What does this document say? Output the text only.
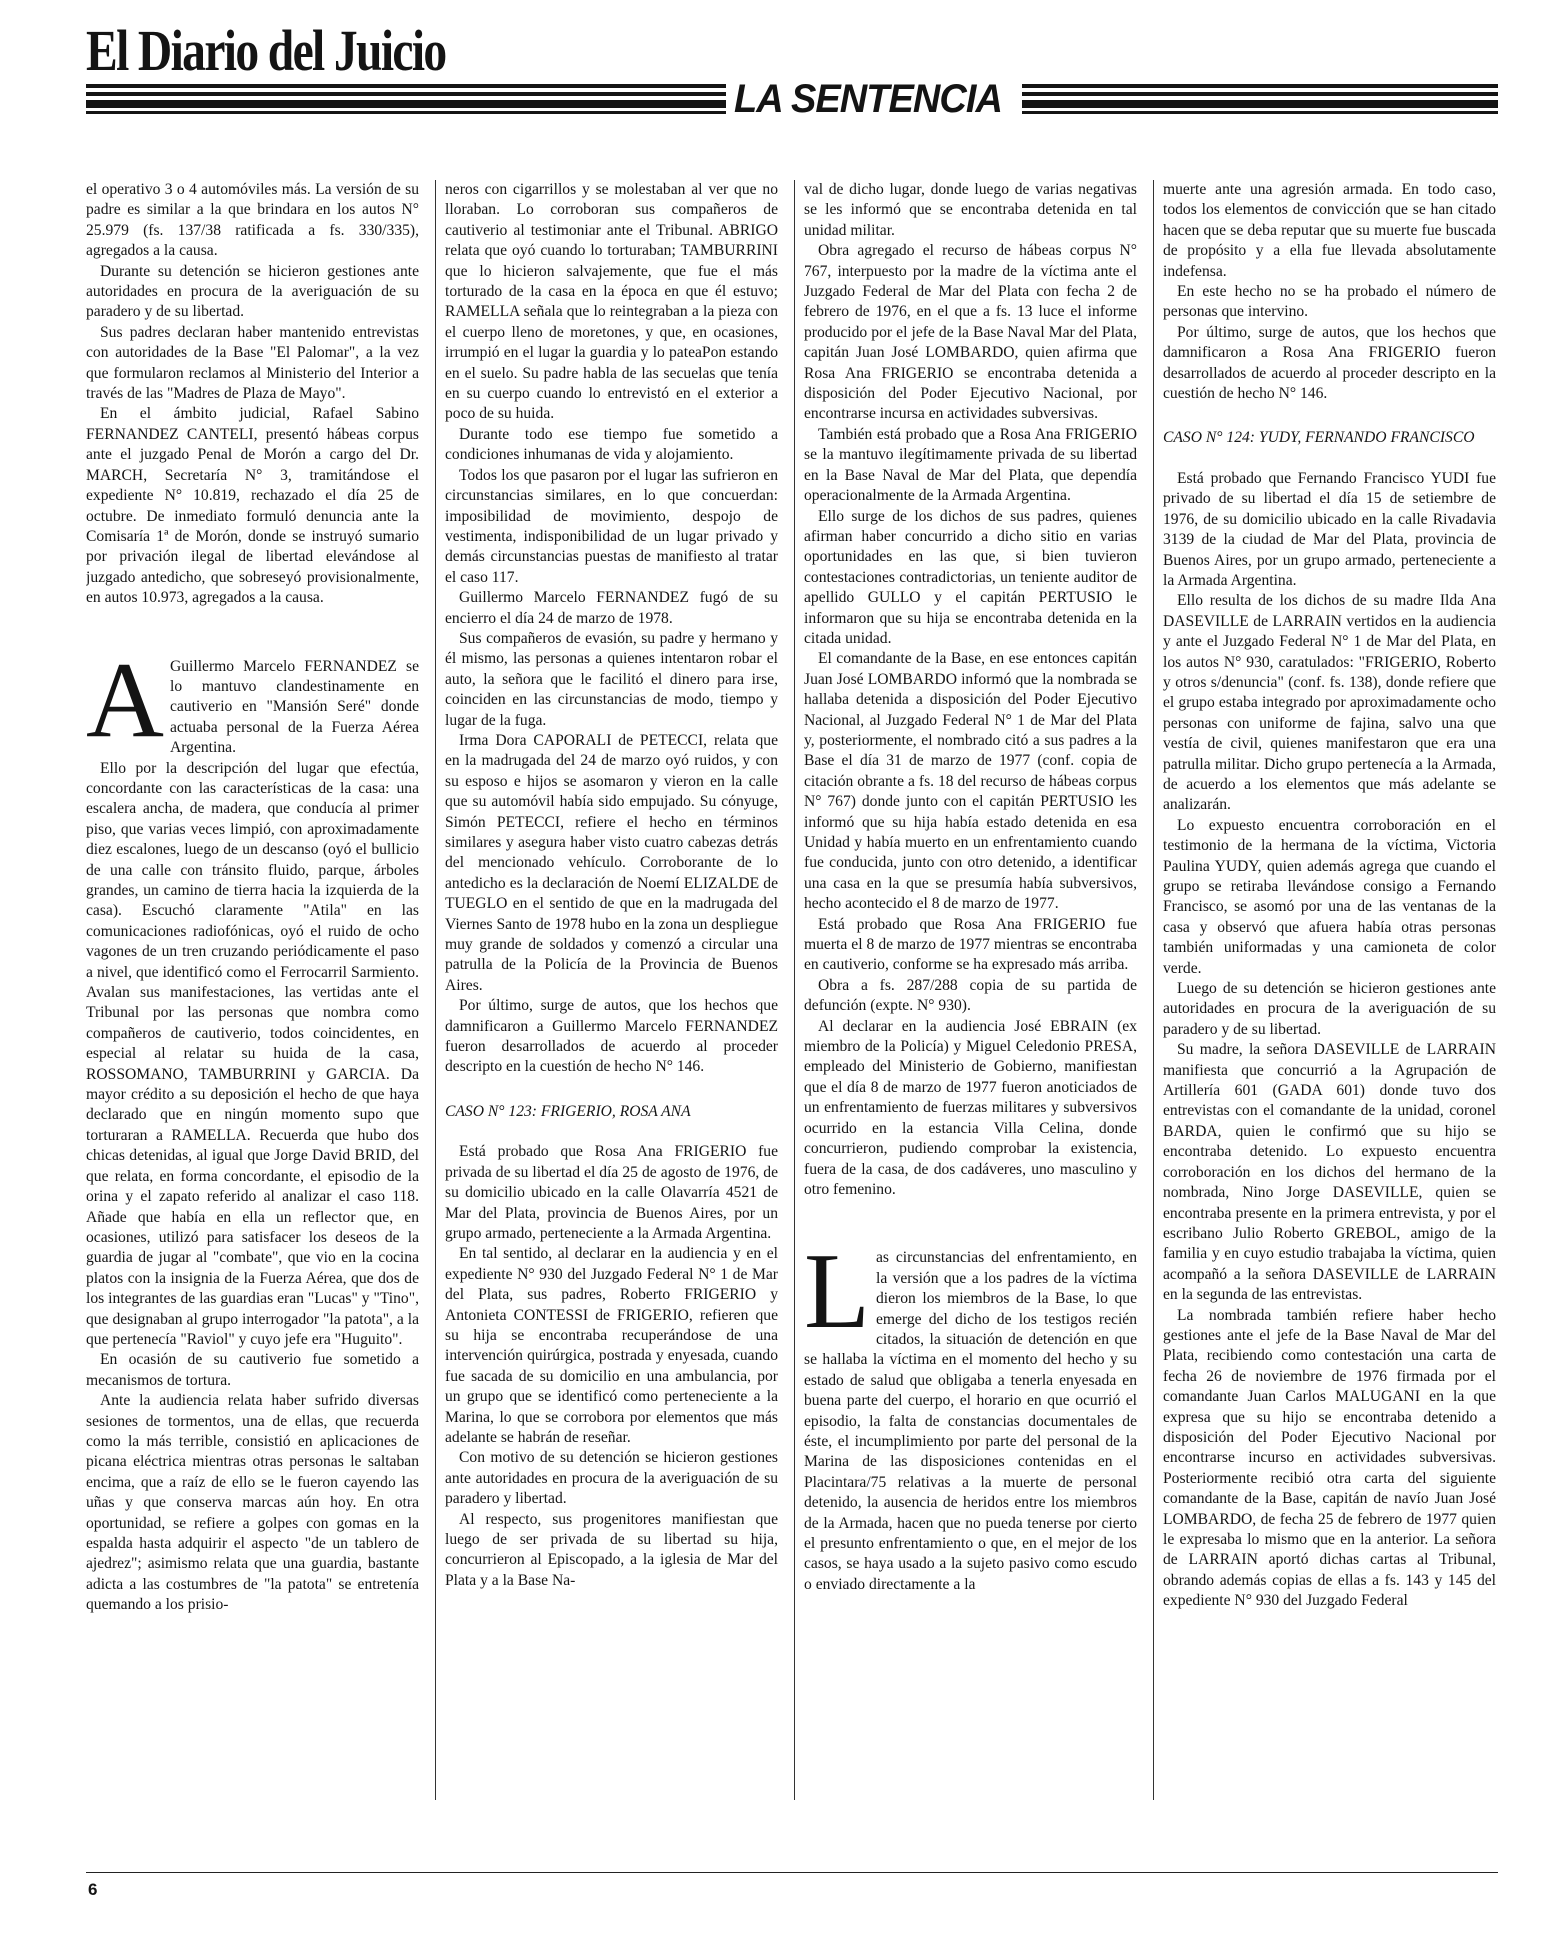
El Diario del Juicio
LA SENTENCIA

el operativo 3 o 4 automóviles más. La versión de su padre es similar a la que brindara en los autos N° 25.979 (fs. 137/38 ratificada a fs. 330/335), agregados a la causa.

Durante su detención se hicieron gestiones ante autoridades en procura de la averiguación de su paradero y de su libertad.

Sus padres declaran haber mantenido entrevistas con autoridades de la Base "El Palomar", a la vez que formularon reclamos al Ministerio del Interior a través de las "Madres de Plaza de Mayo".

En el ámbito judicial, Rafael Sabino FERNANDEZ CANTELI, presentó hábeas corpus ante el juzgado Penal de Morón a cargo del Dr. MARCH, Secretaría N° 3, tramitándose el expediente N° 10.819, rechazado el día 25 de octubre. De inmediato formuló denuncia ante la Comisaría 1ª de Morón, donde se instruyó sumario por privación ilegal de libertad elevándose al juzgado antedicho, que sobreseyó provisionalmente, en autos 10.973, agregados a la causa.

A Guillermo Marcelo FERNANDEZ se lo mantuvo clandestinamente en cautiverio en "Mansión Seré" donde actuaba personal de la Fuerza Aérea Argentina.

Ello por la descripción del lugar que efectúa, concordante con las características de la casa: una escalera ancha, de madera, que conducía al primer piso, que varias veces limpió, con aproximadamente diez escalones, luego de un descanso (oyó el bullicio de una calle con tránsito fluido, parque, árboles grandes, un camino de tierra hacia la izquierda de la casa). Escuchó claramente "Atila" en las comunicaciones radiofónicas, oyó el ruido de ocho vagones de un tren cruzando periódicamente el paso a nivel, que identificó como el Ferrocarril Sarmiento. Avalan sus manifestaciones, las vertidas ante el Tribunal por las personas que nombra como compañeros de cautiverio, todos coincidentes, en especial al relatar su huida de la casa, ROSSOMANO, TAMBURRINI y GARCIA. Da mayor crédito a su deposición el hecho de que haya declarado que en ningún momento supo que torturaran a RAMELLA. Recuerda que hubo dos chicas detenidas, al igual que Jorge David BRID, del que relata, en forma concordante, el episodio de la orina y el zapato referido al analizar el caso 118. Añade que había en ella un reflector que, en ocasiones, utilizó para satisfacer los deseos de la guardia de jugar al "combate", que vio en la cocina platos con la insignia de la Fuerza Aérea, que dos de los integrantes de las guardias eran "Lucas" y "Tino", que designaban al grupo interrogador "la patota", a la que pertenecía "Raviol" y cuyo jefe era "Huguito".

En ocasión de su cautiverio fue sometido a mecanismos de tortura.

Ante la audiencia relata haber sufrido diversas sesiones de tormentos, una de ellas, que recuerda como la más terrible, consistió en aplicaciones de picana eléctrica mientras otras personas le saltaban encima, que a raíz de ello se le fueron cayendo las uñas y que conserva marcas aún hoy. En otra oportunidad, se refiere a golpes con gomas en la espalda hasta adquirir el aspecto "de un tablero de ajedrez"; asimismo relata que una guardia, bastante adicta a las costumbres de "la patota" se entretenía quemando a los prisio-

neros con cigarrillos y se molestaban al ver que no lloraban. Lo corroboran sus compañeros de cautiverio al testimoniar ante el Tribunal. ABRIGO relata que oyó cuando lo torturaban; TAMBURRINI que lo hicieron salvajemente, que fue el más torturado de la casa en la época en que él estuvo; RAMELLA señala que lo reintegraban a la pieza con el cuerpo lleno de moretones, y que, en ocasiones, irrumpió en el lugar la guardia y lo pateaΡon estando en el suelo. Su padre habla de las secuelas que tenía en su cuerpo cuando lo entrevistó en el exterior a poco de su huida.

Durante todo ese tiempo fue sometido a condiciones inhumanas de vida y alojamiento.

Todos los que pasaron por el lugar las sufrieron en circunstancias similares, en lo que concuerdan: imposibilidad de movimiento, despojo de vestimenta, indisponibilidad de un lugar privado y demás circunstancias puestas de manifiesto al tratar el caso 117.

Guillermo Marcelo FERNANDEZ fugó de su encierro el día 24 de marzo de 1978.

Sus compañeros de evasión, su padre y hermano y él mismo, las personas a quienes intentaron robar el auto, la señora que le facilitó el dinero para irse, coinciden en las circunstancias de modo, tiempo y lugar de la fuga.

Irma Dora CAPORALI de PETECCI, relata que en la madrugada del 24 de marzo oyó ruidos, y con su esposo e hijos se asomaron y vieron en la calle que su automóvil había sido empujado. Su cónyuge, Simón PETECCI, refiere el hecho en términos similares y asegura haber visto cuatro cabezas detrás del mencionado vehículo. Corroborante de lo antedicho es la declaración de Noemí ELIZALDE de TUEGLO en el sentido de que en la madrugada del Viernes Santo de 1978 hubo en la zona un despliegue muy grande de soldados y comenzó a circular una patrulla de la Policía de la Provincia de Buenos Aires.

Por último, surge de autos, que los hechos que damnificaron a Guillermo Marcelo FERNANDEZ fueron desarrollados de acuerdo al proceder descripto en la cuestión de hecho N° 146.

CASO N° 123: FRIGERIO, ROSA ANA

Está probado que Rosa Ana FRIGERIO fue privada de su libertad el día 25 de agosto de 1976, de su domicilio ubicado en la calle Olavarría 4521 de Mar del Plata, provincia de Buenos Aires, por un grupo armado, perteneciente a la Armada Argentina.

En tal sentido, al declarar en la audiencia y en el expediente N° 930 del Juzgado Federal N° 1 de Mar del Plata, sus padres, Roberto FRIGERIO y Antonieta CONTESSI de FRIGERIO, refieren que su hija se encontraba recuperándose de una intervención quirúrgica, postrada y enyesada, cuando fue sacada de su domicilio en una ambulancia, por un grupo que se identificó como perteneciente a la Marina, lo que se corrobora por elementos que más adelante se habrán de reseñar.

Con motivo de su detención se hicieron gestiones ante autoridades en procura de la averiguación de su paradero y libertad.

Al respecto, sus progenitores manifiestan que luego de ser privada de su libertad su hija, concurrieron al Episcopado, a la iglesia de Mar del Plata y a la Base Na-

val de dicho lugar, donde luego de varias negativas se les informó que se encontraba detenida en tal unidad militar.

Obra agregado el recurso de hábeas corpus N° 767, interpuesto por la madre de la víctima ante el Juzgado Federal de Mar del Plata con fecha 2 de febrero de 1976, en el que a fs. 13 luce el informe producido por el jefe de la Base Naval Mar del Plata, capitán Juan José LOMBARDO, quien afirma que Rosa Ana FRIGERIO se encontraba detenida a disposición del Poder Ejecutivo Nacional, por encontrarse incursa en actividades subversivas.

También está probado que a Rosa Ana FRIGERIO se la mantuvo ilegítimamente privada de su libertad en la Base Naval de Mar del Plata, que dependía operacionalmente de la Armada Argentina.

Ello surge de los dichos de sus padres, quienes afirman haber concurrido a dicho sitio en varias oportunidades en las que, si bien tuvieron contestaciones contradictorias, un teniente auditor de apellido GULLO y el capitán PERTUSIO le informaron que su hija se encontraba detenida en la citada unidad.

El comandante de la Base, en ese entonces capitán Juan José LOMBARDO informó que la nombrada se hallaba detenida a disposición del Poder Ejecutivo Nacional, al Juzgado Federal N° 1 de Mar del Plata y, posteriormente, el nombrado citó a sus padres a la Base el día 31 de marzo de 1977 (conf. copia de citación obrante a fs. 18 del recurso de hábeas corpus N° 767) donde junto con el capitán PERTUSIO les informó que su hija había estado detenida en esa Unidad y había muerto en un enfrentamiento cuando fue conducida, junto con otro detenido, a identificar una casa en la que se presumía había subversivos, hecho acontecido el 8 de marzo de 1977.

Está probado que Rosa Ana FRIGERIO fue muerta el 8 de marzo de 1977 mientras se encontraba en cautiverio, conforme se ha expresado más arriba.

Obra a fs. 287/288 copia de su partida de defunción (expte. N° 930).

Al declarar en la audiencia José EBRAIN (ex miembro de la Policía) y Miguel Celedonio PRESA, empleado del Ministerio de Gobierno, manifiestan que el día 8 de marzo de 1977 fueron anoticiados de un enfrentamiento de fuerzas militares y subversivos ocurrido en la estancia Villa Celina, donde concurrieron, pudiendo comprobar la existencia, fuera de la casa, de dos cadáveres, uno masculino y otro femenino.

Las circunstancias del enfrentamiento, en la versión que a los padres de la víctima dieron los miembros de la Base, lo que emerge del dicho de los testigos recién citados, la situación de detención en que se hallaba la víctima en el momento del hecho y su estado de salud que obligaba a tenerla enyesada en buena parte del cuerpo, el horario en que ocurrió el episodio, la falta de constancias documentales de éste, el incumplimiento por parte del personal de la Marina de las disposiciones contenidas en el Placintara/75 relativas a la muerte de personal detenido, la ausencia de heridos entre los miembros de la Armada, hacen que no pueda tenerse por cierto el presunto enfrentamiento o que, en el mejor de los casos, se haya usado a la sujeto pasivo como escudo o enviado directamente a la

muerte ante una agresión armada. En todo caso, todos los elementos de convicción que se han citado hacen que se deba reputar que su muerte fue buscada de propósito y a ella fue llevada absolutamente indefensa.

En este hecho no se ha probado el número de personas que intervino.

Por último, surge de autos, que los hechos que damnificaron a Rosa Ana FRIGERIO fueron desarrollados de acuerdo al proceder descripto en la cuestión de hecho N° 146.

CASO N° 124: YUDY, FERNANDO FRANCISCO

Está probado que Fernando Francisco YUDI fue privado de su libertad el día 15 de setiembre de 1976, de su domicilio ubicado en la calle Rivadavia 3139 de la ciudad de Mar del Plata, provincia de Buenos Aires, por un grupo armado, perteneciente a la Armada Argentina.

Ello resulta de los dichos de su madre Ilda Ana DASEVILLE de LARRAIN vertidos en la audiencia y ante el Juzgado Federal N° 1 de Mar del Plata, en los autos N° 930, caratulados: "FRIGERIO, Roberto y otros s/denuncia" (conf. fs. 138), donde refiere que el grupo estaba integrado por aproximadamente ocho personas con uniforme de fajina, salvo una que vestía de civil, quienes manifestaron que era una patrulla militar. Dicho grupo pertenecía a la Armada, de acuerdo a los elementos que más adelante se analizarán.

Lo expuesto encuentra corroboración en el testimonio de la hermana de la víctima, Victoria Paulina YUDY, quien además agrega que cuando el grupo se retiraba llevándose consigo a Fernando Francisco, se asomó por una de las ventanas de la casa y observó que afuera había otras personas también uniformadas y una camioneta de color verde.

Luego de su detención se hicieron gestiones ante autoridades en procura de la averiguación de su paradero y de su libertad.

Su madre, la señora DASEVILLE de LARRAIN manifiesta que concurrió a la Agrupación de Artillería 601 (GADA 601) donde tuvo dos entrevistas con el comandante de la unidad, coronel BARDA, quien le confirmó que su hijo se encontraba detenido. Lo expuesto encuentra corroboración en los dichos del hermano de la nombrada, Nino Jorge DASEVILLE, quien se encontraba presente en la primera entrevista, y por el escribano Julio Roberto GREBOL, amigo de la familia y en cuyo estudio trabajaba la víctima, quien acompañó a la señora DASEVILLE de LARRAIN en la segunda de las entrevistas.

La nombrada también refiere haber hecho gestiones ante el jefe de la Base Naval de Mar del Plata, recibiendo como contestación una carta de fecha 26 de noviembre de 1976 firmada por el comandante Juan Carlos MALUGANI en la que expresa que su hijo se encontraba detenido a disposición del Poder Ejecutivo Nacional por encontrarse incurso en actividades subversivas. Posteriormente recibió otra carta del siguiente comandante de la Base, capitán de navío Juan José LOMBARDO, de fecha 25 de febrero de 1977 quien le expresaba lo mismo que en la anterior. La señora de LARRAIN aportó dichas cartas al Tribunal, obrando además copias de ellas a fs. 143 y 145 del expediente N° 930 del Juzgado Federal

6
